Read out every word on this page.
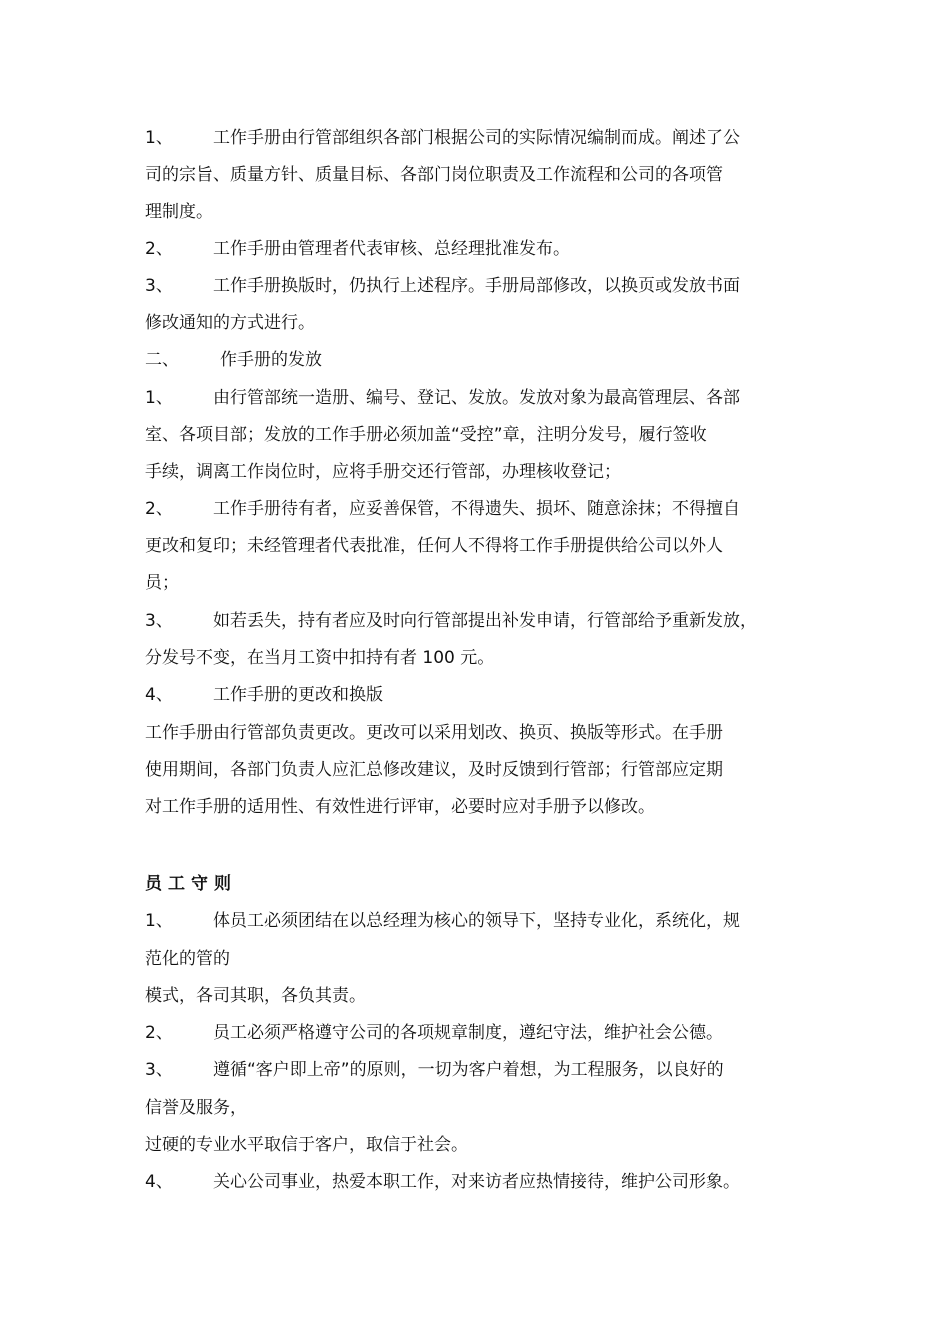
1、 工作手册由行管部组织各部门根据公司的实际情况编制而成。阐述了公
司的宗旨、质量方针、质量目标、各部门岗位职责及工作流程和公司的各项管
理制度。
2、 工作手册由管理者代表审核、总经理批准发布。
3、 工作手册换版时，仍执行上述程序。手册局部修改，以换页或发放书面
修改通知的方式进行。
二、 作手册的发放
1、 由行管部统一造册、编号、登记、发放。发放对象为最高管理层、各部
室、各项目部；发放的工作手册必须加盖“受控”章，注明分发号，履行签收
手续，调离工作岗位时，应将手册交还行管部，办理核收登记；
2、 工作手册待有者，应妥善保管，不得遗失、损坏、随意涂抹；不得擅自
更改和复印；未经管理者代表批准，任何人不得将工作手册提供给公司以外人
员；
3、 如若丢失，持有者应及时向行管部提出补发申请，行管部给予重新发放，
分发号不变，在当月工资中扣持有者 100 元。
4、 工作手册的更改和换版
工作手册由行管部负责更改。更改可以采用划改、换页、换版等形式。在手册
使用期间，各部门负责人应汇总修改建议，及时反馈到行管部；行管部应定期
对工作手册的适用性、有效性进行评审，必要时应对手册予以修改。
员工守则
1、 体员工必须团结在以总经理为核心的领导下，坚持专业化，系统化，规
范化的管的
模式，各司其职，各负其责。
2、 员工必须严格遵守公司的各项规章制度，遵纪守法，维护社会公德。
3、 遵循“客户即上帝”的原则，一切为客户着想，为工程服务，以良好的
信誉及服务，
过硬的专业水平取信于客户，取信于社会。
4、 关心公司事业，热爱本职工作，对来访者应热情接待，维护公司形象。
